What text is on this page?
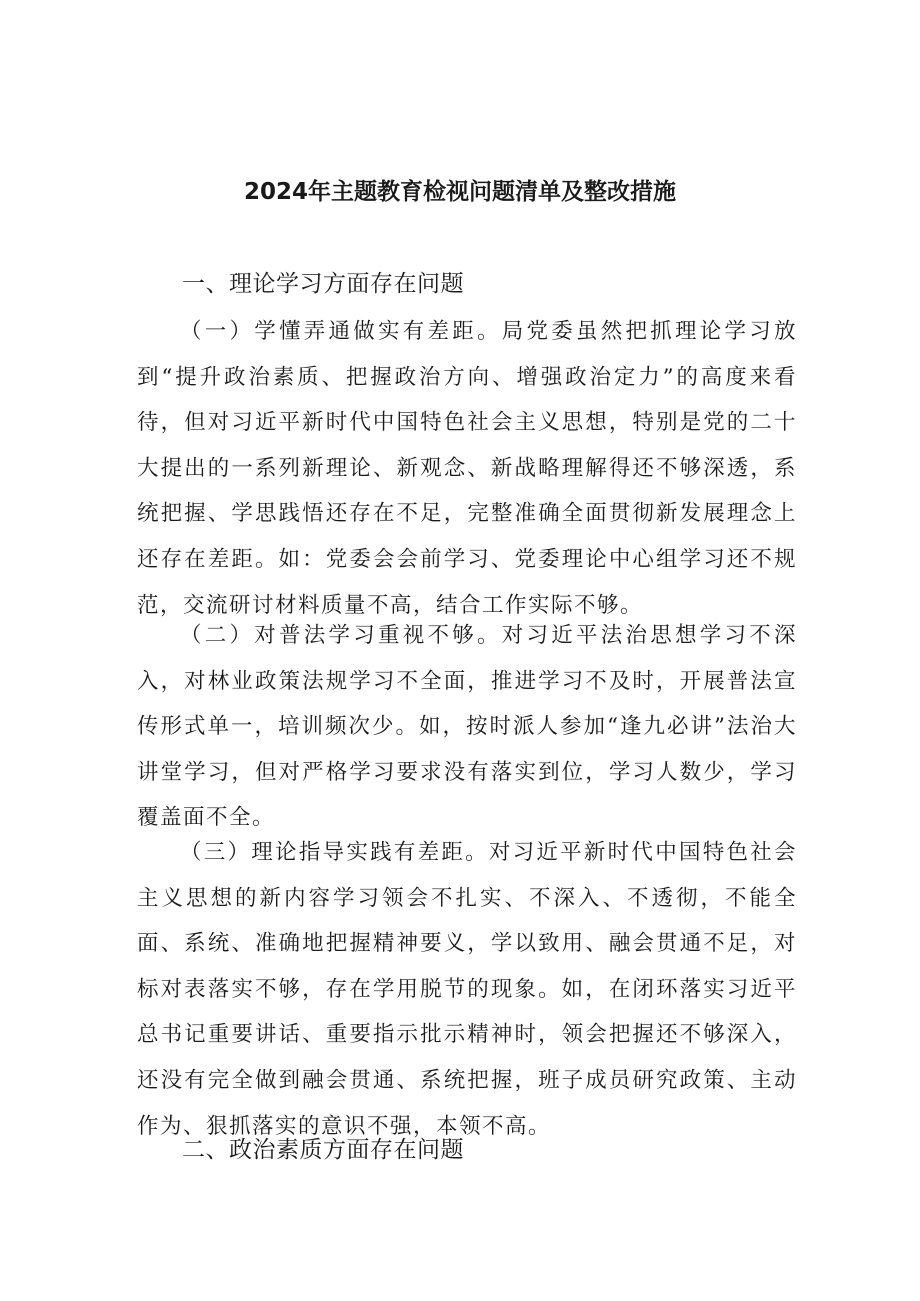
2024年主题教育检视问题清单及整改措施
一、理论学习方面存在问题
（一）学懂弄通做实有差距。局党委虽然把抓理论学习放到“提升政治素质、把握政治方向、增强政治定力”的高度来看待，但对习近平新时代中国特色社会主义思想，特别是党的二十大提出的一系列新理论、新观念、新战略理解得还不够深透，系统把握、学思践悟还存在不足，完整准确全面贯彻新发展理念上还存在差距。如：党委会会前学习、党委理论中心组学习还不规范，交流研讨材料质量不高，结合工作实际不够。
（二）对普法学习重视不够。对习近平法治思想学习不深入，对林业政策法规学习不全面，推进学习不及时，开展普法宣传形式单一，培训频次少。如，按时派人参加“逢九必讲”法治大讲堂学习，但对严格学习要求没有落实到位，学习人数少，学习覆盖面不全。
（三）理论指导实践有差距。对习近平新时代中国特色社会主义思想的新内容学习领会不扎实、不深入、不透彻，不能全面、系统、准确地把握精神要义，学以致用、融会贯通不足，对标对表落实不够，存在学用脱节的现象。如，在闭环落实习近平总书记重要讲话、重要指示批示精神时，领会把握还不够深入，还没有完全做到融会贯通、系统把握，班子成员研究政策、主动作为、狠抓落实的意识不强，本领不高。
二、政治素质方面存在问题
